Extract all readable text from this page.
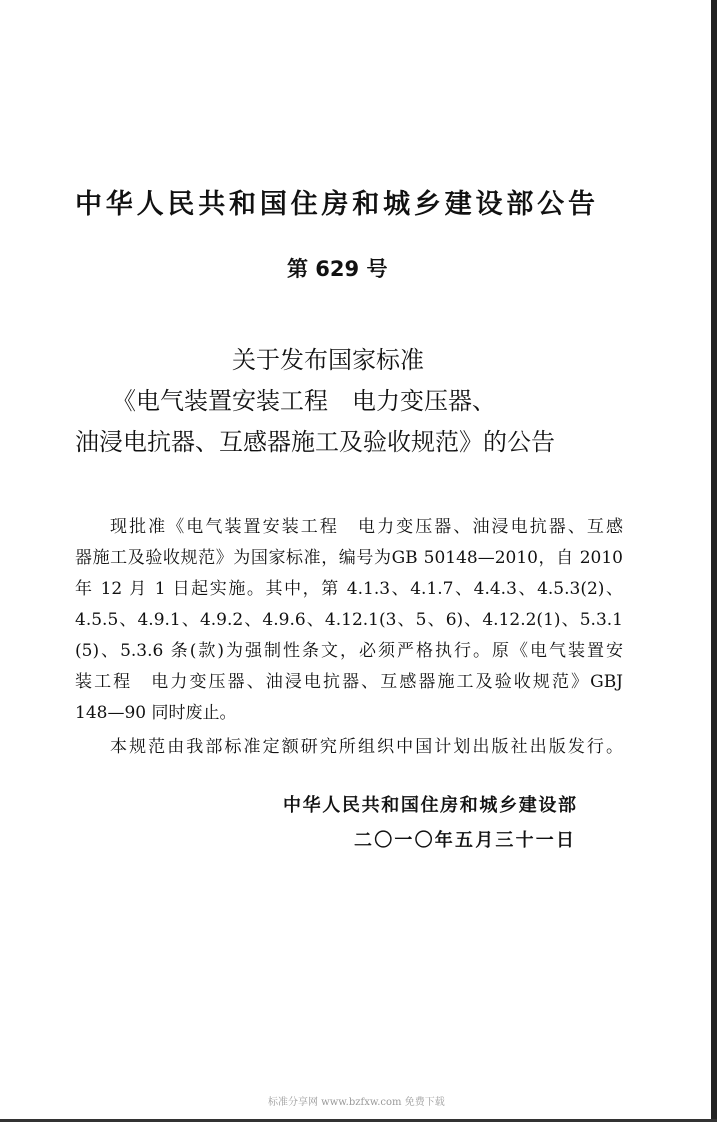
中华人民共和国住房和城乡建设部公告
第 629 号
关于发布国家标准
《电气装置安装工程　电力变压器、
油浸电抗器、互感器施工及验收规范》的公告
现批准《电气装置安装工程　电力变压器、油浸电抗器、互感
器施工及验收规范》为国家标准，编号为GB 50148—2010，自 2010
年 12 月 1 日起实施。其中，第 4.1.3、4.1.7、4.4.3、4.5.3(2)、
4.5.5、4.9.1、4.9.2、4.9.6、4.12.1(3、5、6)、4.12.2(1)、5.3.1
(5)、5.3.6 条(款)为强制性条文，必须严格执行。原《电气装置安
装工程　电力变压器、油浸电抗器、互感器施工及验收规范》GBJ
148—90 同时废止。
本规范由我部标准定额研究所组织中国计划出版社出版发行。
中华人民共和国住房和城乡建设部
二〇一〇年五月三十一日
标准分享网 www.bzfxw.com 免费下载
